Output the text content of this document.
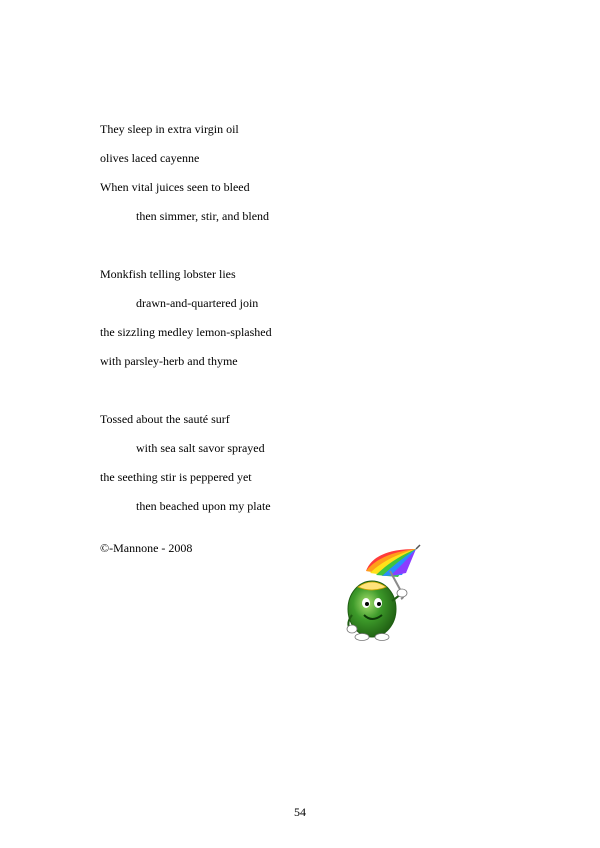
They sleep in extra virgin oil
olives laced cayenne
When vital juices seen to bleed
then simmer, stir, and blend
Monkfish telling lobster lies
drawn-and-quartered join
the sizzling medley lemon-splashed
with parsley-herb and thyme
Tossed about the sauté surf
with sea salt savor sprayed
the seething stir is peppered yet
then beached upon my plate
©-Mannone - 2008
54
